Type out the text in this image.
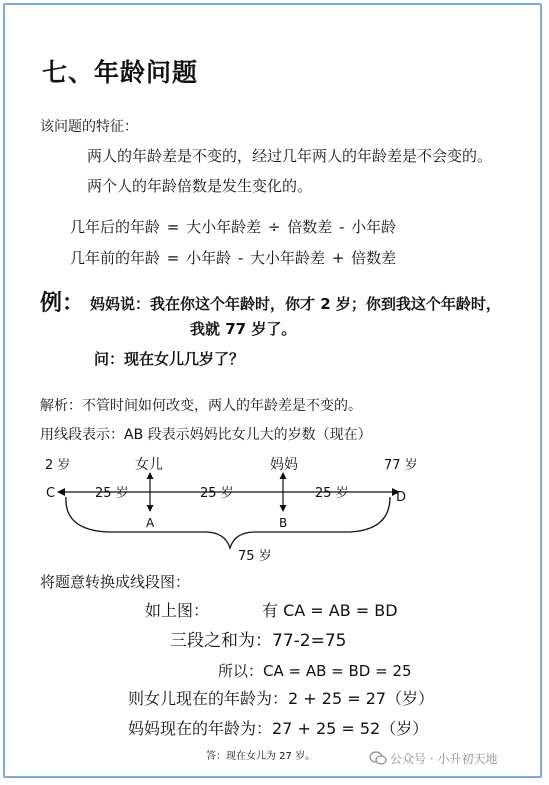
七、年龄问题
该问题的特征：
两人的年龄差是不变的，经过几年两人的年龄差是不会变的。
两个人的年龄倍数是发生变化的。
几年后的年龄 = 大小年龄差 ÷ 倍数差 - 小年龄
几年前的年龄 = 小年龄 - 大小年龄差 + 倍数差
例： 妈妈说：我在你这个年龄时，你才 2 岁；你到我这个年龄时，
我就 77 岁了。
问：现在女儿几岁了？
解析：不管时间如何改变，两人的年龄差是不变的。
用线段表示：AB 段表示妈妈比女儿大的岁数（现在）
2 岁	女儿	妈妈	77 岁
C	D
A	B
25 岁	25 岁	25 岁
75 岁
将题意转换成线段图：
如上图：	有 CA = AB = BD
三段之和为：77-2=75
所以：CA = AB = BD = 25
则女儿现在的年龄为：2 + 25 = 27（岁）
妈妈现在的年龄为：27 + 25 = 52（岁）
答：现在女儿为 27 岁。	公众号 · 小升初天地
